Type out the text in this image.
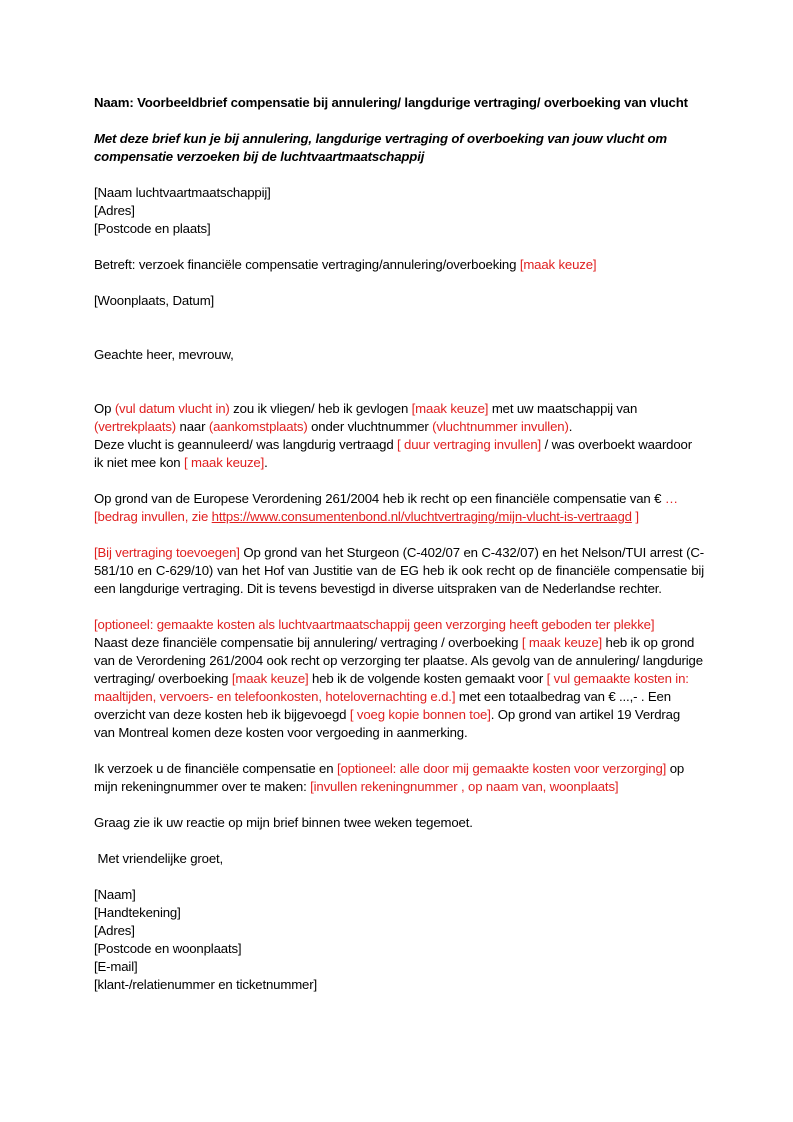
Naam: Voorbeeldbrief compensatie bij annulering/ langdurige vertraging/ overboeking van vlucht

Met deze brief kun je bij annulering, langdurige vertraging of overboeking van jouw vlucht om compensatie verzoeken bij de luchtvaartmaatschappij

[Naam luchtvaartmaatschappij]

[Adres]

[Postcode en plaats]

Betreft: verzoek financiële compensatie vertraging/annulering/overboeking [maak keuze]

[Woonplaats, Datum]

Geachte heer, mevrouw,

Op (vul datum vlucht in) zou ik vliegen/ heb ik gevlogen [maak keuze] met uw maatschappij van (vertrekplaats) naar (aankomstplaats) onder vluchtnummer (vluchtnummer invullen).
Deze vlucht is geannuleerd/ was langdurig vertraagd [ duur vertraging invullen] / was overboekt waardoor ik niet mee kon [ maak keuze].

Op grond van de Europese Verordening 261/2004 heb ik recht op een financiële compensatie van € … [bedrag invullen, zie https://www.consumentenbond.nl/vluchtvertraging/mijn-vlucht-is-vertraagd ]

[Bij vertraging toevoegen] Op grond van het Sturgeon (C-402/07 en C-432/07) en het Nelson/TUI arrest (C-581/10 en C-629/10) van het Hof van Justitie van de EG heb ik ook recht op de financiële compensatie bij een langdurige vertraging. Dit is tevens bevestigd in diverse uitspraken van de Nederlandse rechter.

[optioneel: gemaakte kosten als luchtvaartmaatschappij geen verzorging heeft geboden ter plekke]
Naast deze financiële compensatie bij annulering/ vertraging / overboeking [ maak keuze] heb ik op grond van de Verordening 261/2004 ook recht op verzorging ter plaatse. Als gevolg van de annulering/ langdurige vertraging/ overboeking [maak keuze] heb ik de volgende kosten gemaakt voor [ vul gemaakte kosten in: maaltijden, vervoers- en telefoonkosten, hotelovernachting e.d.] met een totaalbedrag van € ...,- . Een overzicht van deze kosten heb ik bijgevoegd [ voeg kopie bonnen toe]. Op grond van artikel 19 Verdrag van Montreal komen deze kosten voor vergoeding in aanmerking.

Ik verzoek u de financiële compensatie en [optioneel: alle door mij gemaakte kosten voor verzorging] op mijn rekeningnummer over te maken: [invullen rekeningnummer , op naam van, woonplaats]

Graag zie ik uw reactie op mijn brief binnen twee weken tegemoet.

Met vriendelijke groet,

[Naam]

[Handtekening]

[Adres]

[Postcode en woonplaats]

[E-mail]

[klant-/relatienummer en ticketnummer]
